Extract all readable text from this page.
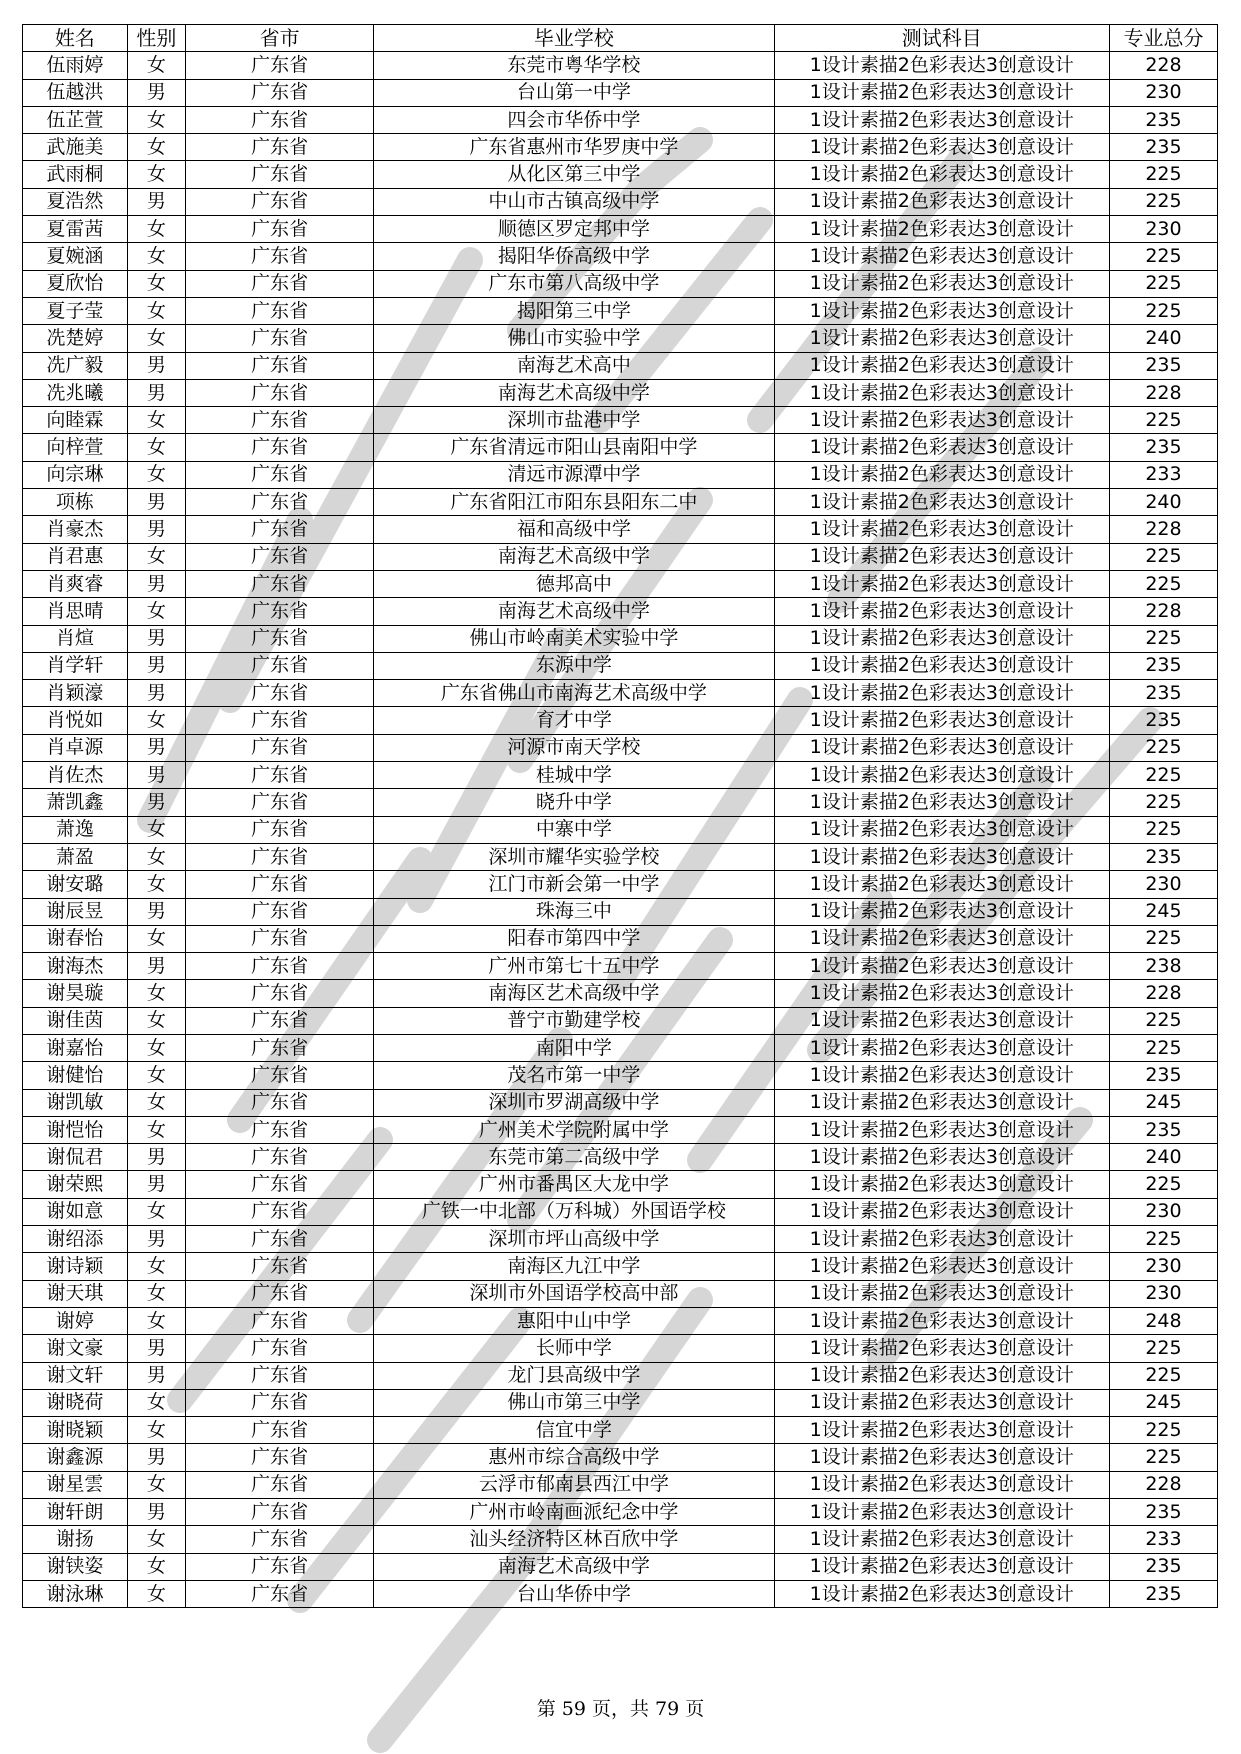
姓名	性别	省市	毕业学校	测试科目	专业总分
伍雨婷	女	广东省	东莞市粤华学校	1设计素描2色彩表达3创意设计	228
伍越洪	男	广东省	台山第一中学	1设计素描2色彩表达3创意设计	230
伍芷萱	女	广东省	四会市华侨中学	1设计素描2色彩表达3创意设计	235
武施美	女	广东省	广东省惠州市华罗庚中学	1设计素描2色彩表达3创意设计	235
武雨桐	女	广东省	从化区第三中学	1设计素描2色彩表达3创意设计	225
夏浩然	男	广东省	中山市古镇高级中学	1设计素描2色彩表达3创意设计	225
夏雷茜	女	广东省	顺德区罗定邦中学	1设计素描2色彩表达3创意设计	230
夏婉涵	女	广东省	揭阳华侨高级中学	1设计素描2色彩表达3创意设计	225
夏欣怡	女	广东省	广东市第八高级中学	1设计素描2色彩表达3创意设计	225
夏子莹	女	广东省	揭阳第三中学	1设计素描2色彩表达3创意设计	225
冼楚婷	女	广东省	佛山市实验中学	1设计素描2色彩表达3创意设计	240
冼广毅	男	广东省	南海艺术高中	1设计素描2色彩表达3创意设计	235
冼兆曦	男	广东省	南海艺术高级中学	1设计素描2色彩表达3创意设计	228
向睦霖	女	广东省	深圳市盐港中学	1设计素描2色彩表达3创意设计	225
向梓萱	女	广东省	广东省清远市阳山县南阳中学	1设计素描2色彩表达3创意设计	235
向宗琳	女	广东省	清远市源潭中学	1设计素描2色彩表达3创意设计	233
项栋	男	广东省	广东省阳江市阳东县阳东二中	1设计素描2色彩表达3创意设计	240
肖豪杰	男	广东省	福和高级中学	1设计素描2色彩表达3创意设计	228
肖君惠	女	广东省	南海艺术高级中学	1设计素描2色彩表达3创意设计	225
肖爽睿	男	广东省	德邦高中	1设计素描2色彩表达3创意设计	225
肖思晴	女	广东省	南海艺术高级中学	1设计素描2色彩表达3创意设计	228
肖煊	男	广东省	佛山市岭南美术实验中学	1设计素描2色彩表达3创意设计	225
肖学轩	男	广东省	东源中学	1设计素描2色彩表达3创意设计	235
肖颖濠	男	广东省	广东省佛山市南海艺术高级中学	1设计素描2色彩表达3创意设计	235
肖悦如	女	广东省	育才中学	1设计素描2色彩表达3创意设计	235
肖卓源	男	广东省	河源市南天学校	1设计素描2色彩表达3创意设计	225
肖佐杰	男	广东省	桂城中学	1设计素描2色彩表达3创意设计	225
萧凯鑫	男	广东省	晓升中学	1设计素描2色彩表达3创意设计	225
萧逸	女	广东省	中寨中学	1设计素描2色彩表达3创意设计	225
萧盈	女	广东省	深圳市耀华实验学校	1设计素描2色彩表达3创意设计	235
谢安璐	女	广东省	江门市新会第一中学	1设计素描2色彩表达3创意设计	230
谢辰昱	男	广东省	珠海三中	1设计素描2色彩表达3创意设计	245
谢春怡	女	广东省	阳春市第四中学	1设计素描2色彩表达3创意设计	225
谢海杰	男	广东省	广州市第七十五中学	1设计素描2色彩表达3创意设计	238
谢昊璇	女	广东省	南海区艺术高级中学	1设计素描2色彩表达3创意设计	228
谢佳茵	女	广东省	普宁市勤建学校	1设计素描2色彩表达3创意设计	225
谢嘉怡	女	广东省	南阳中学	1设计素描2色彩表达3创意设计	225
谢健怡	女	广东省	茂名市第一中学	1设计素描2色彩表达3创意设计	235
谢凯敏	女	广东省	深圳市罗湖高级中学	1设计素描2色彩表达3创意设计	245
谢恺怡	女	广东省	广州美术学院附属中学	1设计素描2色彩表达3创意设计	235
谢侃君	男	广东省	东莞市第二高级中学	1设计素描2色彩表达3创意设计	240
谢荣熙	男	广东省	广州市番禺区大龙中学	1设计素描2色彩表达3创意设计	225
谢如意	女	广东省	广铁一中北部（万科城）外国语学校	1设计素描2色彩表达3创意设计	230
谢绍添	男	广东省	深圳市坪山高级中学	1设计素描2色彩表达3创意设计	225
谢诗颖	女	广东省	南海区九江中学	1设计素描2色彩表达3创意设计	230
谢天琪	女	广东省	深圳市外国语学校高中部	1设计素描2色彩表达3创意设计	230
谢婷	女	广东省	惠阳中山中学	1设计素描2色彩表达3创意设计	248
谢文豪	男	广东省	长师中学	1设计素描2色彩表达3创意设计	225
谢文轩	男	广东省	龙门县高级中学	1设计素描2色彩表达3创意设计	225
谢晓荷	女	广东省	佛山市第三中学	1设计素描2色彩表达3创意设计	245
谢晓颖	女	广东省	信宜中学	1设计素描2色彩表达3创意设计	225
谢鑫源	男	广东省	惠州市综合高级中学	1设计素描2色彩表达3创意设计	225
谢星雲	女	广东省	云浮市郁南县西江中学	1设计素描2色彩表达3创意设计	228
谢轩朗	男	广东省	广州市岭南画派纪念中学	1设计素描2色彩表达3创意设计	235
谢扬	女	广东省	汕头经济特区林百欣中学	1设计素描2色彩表达3创意设计	233
谢铗姿	女	广东省	南海艺术高级中学	1设计素描2色彩表达3创意设计	235
谢泳琳	女	广东省	台山华侨中学	1设计素描2色彩表达3创意设计	235
第 59 页，共 79 页
